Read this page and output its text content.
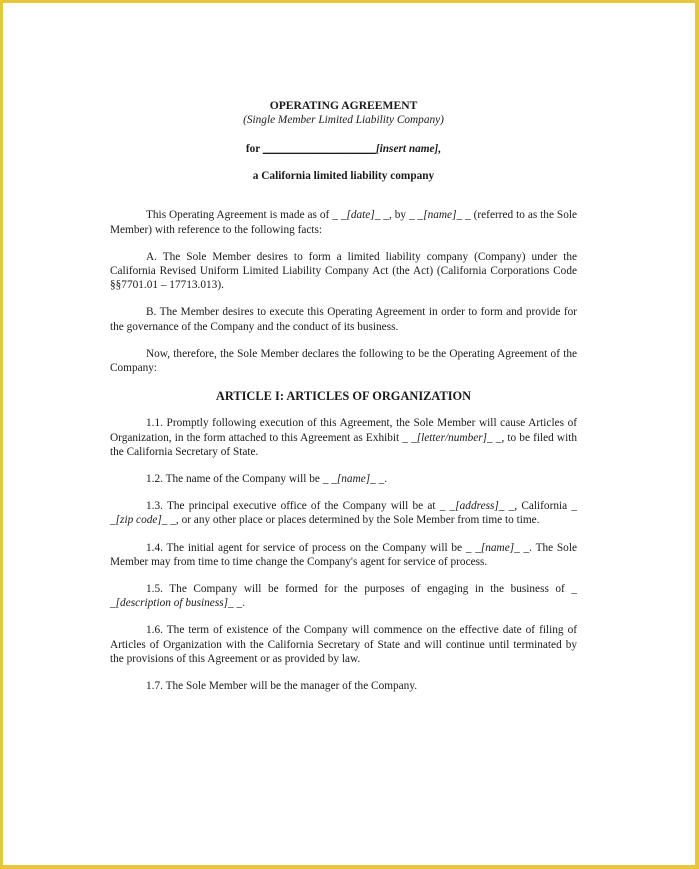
OPERATING AGREEMENT
(Single Member Limited Liability Company)
for ____________________[insert name],
a California limited liability company

This Operating Agreement is made as of _ _[date]_ _, by _ _[name]_ _ (referred to as the Sole Member) with reference to the following facts:

A. The Sole Member desires to form a limited liability company (Company) under the California Revised Uniform Limited Liability Company Act (the Act) (California Corporations Code §§7701.01 – 17713.013).

B. The Member desires to execute this Operating Agreement in order to form and provide for the governance of the Company and the conduct of its business.

Now, therefore, the Sole Member declares the following to be the Operating Agreement of the Company:

ARTICLE I: ARTICLES OF ORGANIZATION

1.1. Promptly following execution of this Agreement, the Sole Member will cause Articles of Organization, in the form attached to this Agreement as Exhibit _ _[letter/number]_ _, to be filed with the California Secretary of State.

1.2. The name of the Company will be _ _[name]_ _.

1.3. The principal executive office of the Company will be at _ _[address]_ _, California _ _[zip code]_ _, or any other place or places determined by the Sole Member from time to time.

1.4. The initial agent for service of process on the Company will be _ _[name]_ _. The Sole Member may from time to time change the Company's agent for service of process.

1.5. The Company will be formed for the purposes of engaging in the business of _ _[description of business]_ _.

1.6. The term of existence of the Company will commence on the effective date of filing of Articles of Organization with the California Secretary of State and will continue until terminated by the provisions of this Agreement or as provided by law.

1.7. The Sole Member will be the manager of the Company.
